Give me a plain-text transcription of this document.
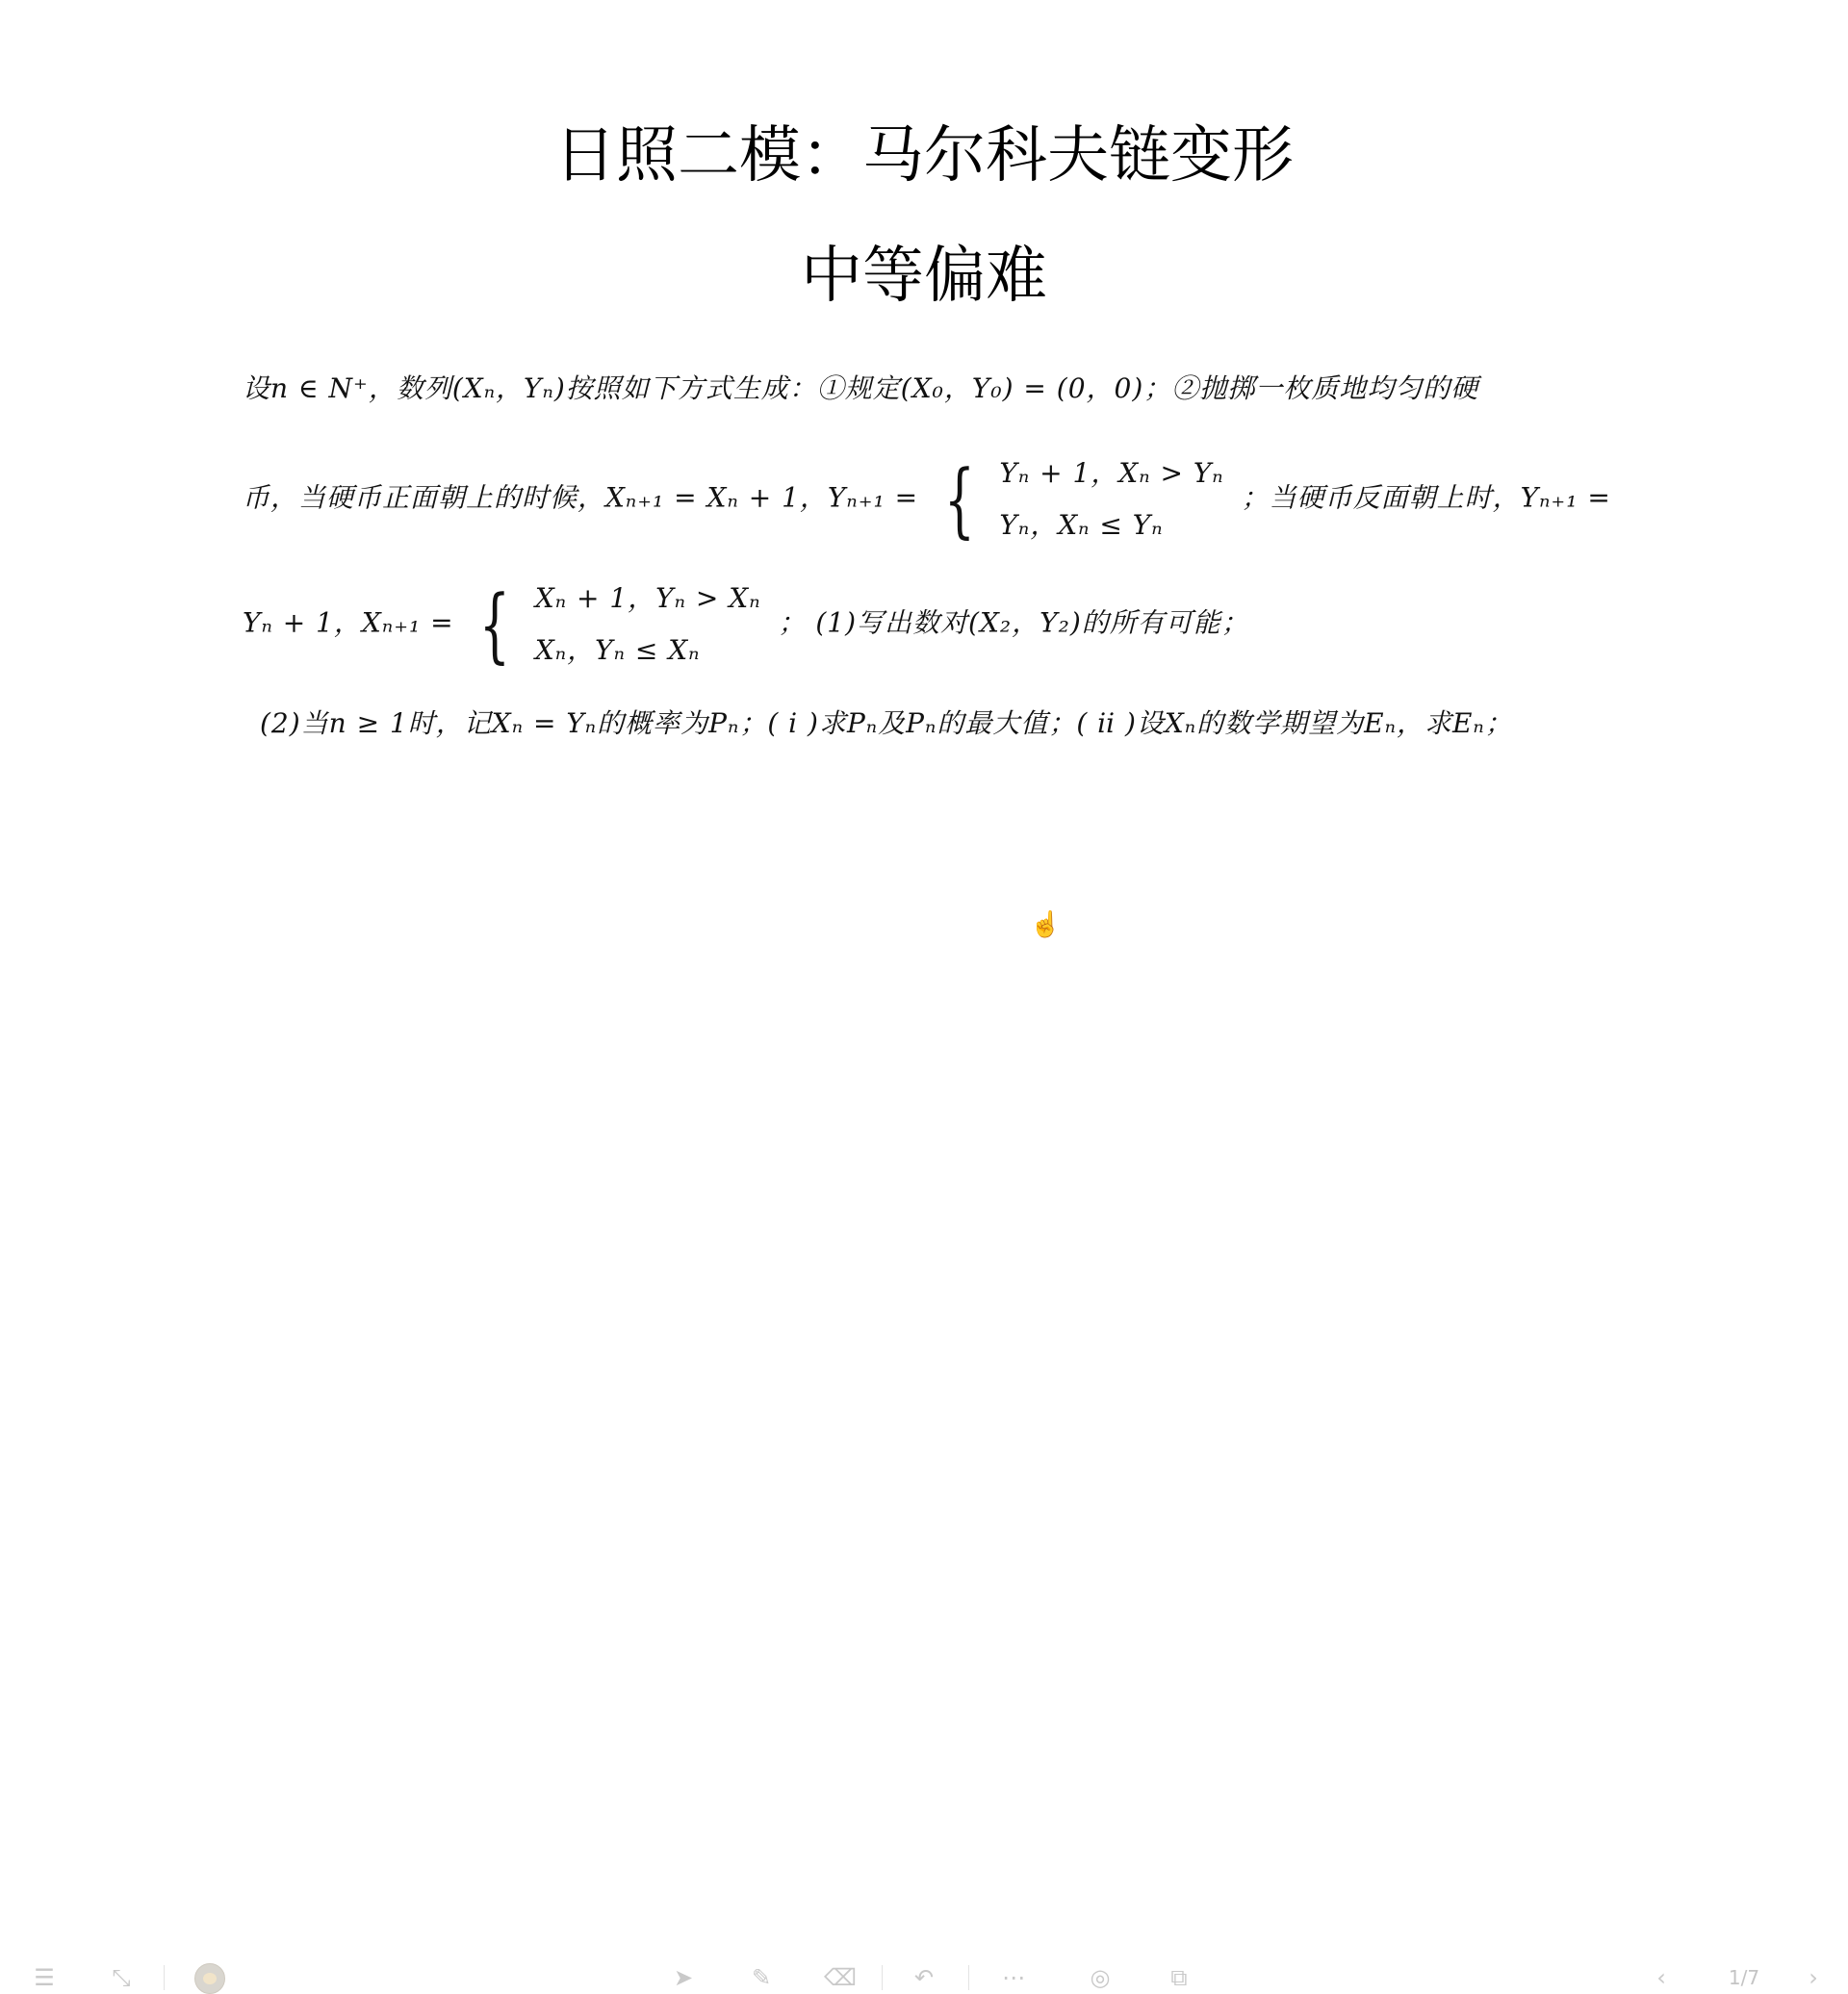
日照二模：马尔科夫链变形
中等偏难
设n ∈ N⁺，数列(Xₙ，Yₙ)按照如下方式生成：①规定(X₀，Y₀) = (0，0)；②抛掷一枚质地均匀的硬
币，当硬币正面朝上的时候，Xₙ₊₁ = Xₙ + 1，Yₙ₊₁ = { Yₙ + 1，Xₙ > Yₙ
Yₙ，Xₙ ≤ Yₙ
；当硬币反面朝上时，Yₙ₊₁ =
Yₙ + 1，Xₙ₊₁ = { Xₙ + 1，Yₙ > Xₙ
Xₙ，Yₙ ≤ Xₙ
； (1)写出数对(X₂，Y₂)的所有可能；
(2)当n ≥ 1时，记Xₙ = Yₙ的概率为Pₙ；( ⅰ )求Pₙ及Pₙ的最大值；( ⅱ )设Xₙ的数学期望为Eₙ，求Eₙ；
☝
☰ ⤡	➤	✎ ⌫	↶	⋯	◎	⧉	‹	1/7	›
